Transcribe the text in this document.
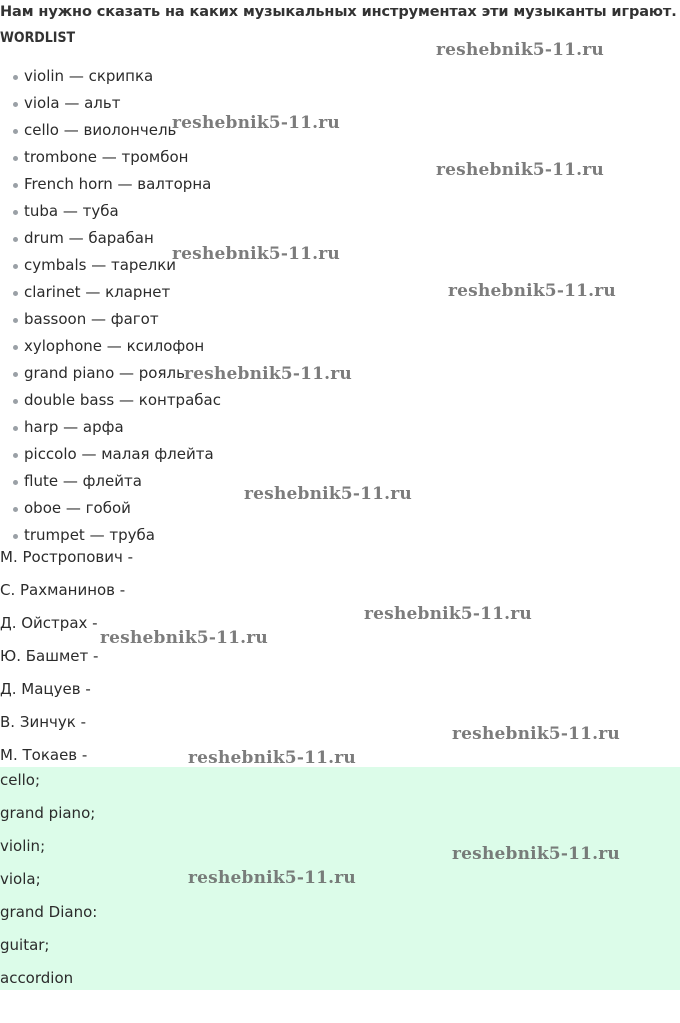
Нам нужно сказать на каких музыкальных инструментах эти музыканты играют.
WORDLIST
violin — скрипка
viola — альт
cello — виолончель
trombone — тромбон
French horn — валторна
tuba — туба
drum — барабан
cymbals — тарелки
clarinet — кларнет
bassoon — фагот
xylophone — ксилофон
grand piano — рояль
double bass — контрабас
harp — арфа
piccolo — малая флейта
flute — флейта
oboe — гобой
trumpet — труба
М. Ростропович -
С. Рахманинов -
Д. Ойстрах -
Ю. Башмет -
Д. Мацуев -
В. Зинчук -
М. Токаев -
cello;
grand piano;
violin;
viola;
grand Diano:
guitar;
accordion
reshebnik5-11.ru
reshebnik5-11.ru
reshebnik5-11.ru
reshebnik5-11.ru
reshebnik5-11.ru
reshebnik5-11.ru
reshebnik5-11.ru
reshebnik5-11.ru
reshebnik5-11.ru
reshebnik5-11.ru
reshebnik5-11.ru
reshebnik5-11.ru
reshebnik5-11.ru
